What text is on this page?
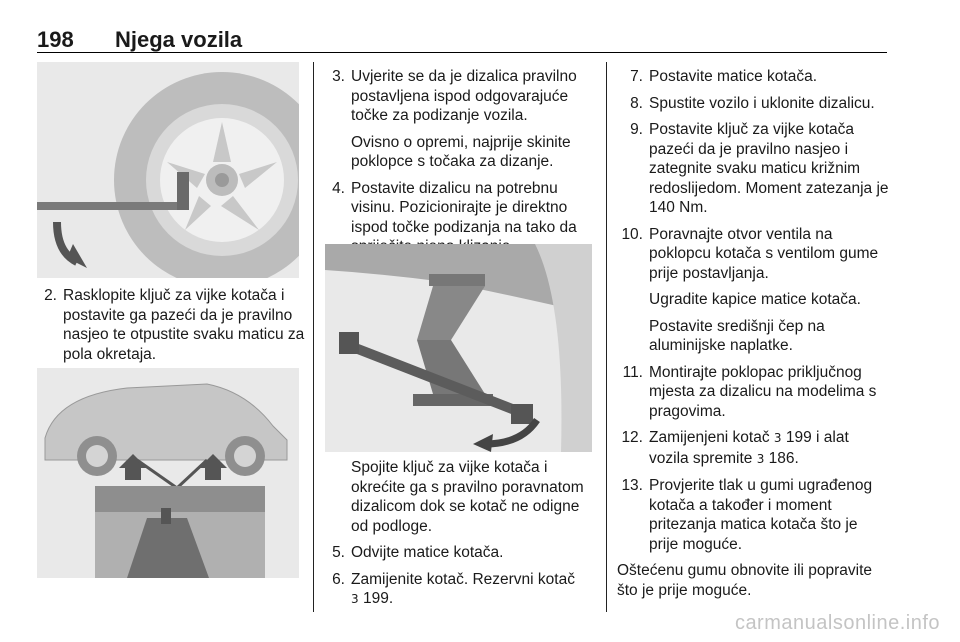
198 Njega vozila
2. Rasklopite ključ za vijke kotača i postavite ga pazeći da je pravilno nasjeo te otpustite svaku maticu za pola okretaja.
3. Uvjerite se da je dizalica pravilno postavljena ispod odgovarajuće točke za podizanje vozila.
Ovisno o opremi, najprije skinite poklopce s točaka za dizanje.
4. Postavite dizalicu na potrebnu visinu. Pozicionirajte je direktno ispod točke podizanja na tako da
Spojite ključ za vijke kotača i okrećite ga s pravilno poravnatom dizalicom dok se kotač ne odigne od podloge.
5. Odvijte matice kotača.
6. Zamijenite kotač. Rezervni kotač
3 199.
7. Postavite matice kotača.
8. Spustite vozilo i uklonite dizalicu.
9. Postavite ključ za vijke kotača pazeći da je pravilno nasjeo i zategnite svaku maticu križnim redoslijedom. Moment zatezanja je 140 Nm.
10. Poravnajte otvor ventila na poklopcu kotača s ventilom gume prije postavljanja.
Ugradite kapice matice kotača.
Postavite središnji čep na aluminijske naplatke.
11. Montirajte poklopac priključnog mjesta za dizalicu na modelima s pragovima.
12. Zamijenjeni kotač 3 199 i alat vozila spremite 3 186.
13. Provjerite tlak u gumi ugrađenog kotača a također i moment pritezanja matica kotača što je prije moguće.
Oštećenu gumu obnovite ili popravite što je prije moguće.
carmanualsonline.info
